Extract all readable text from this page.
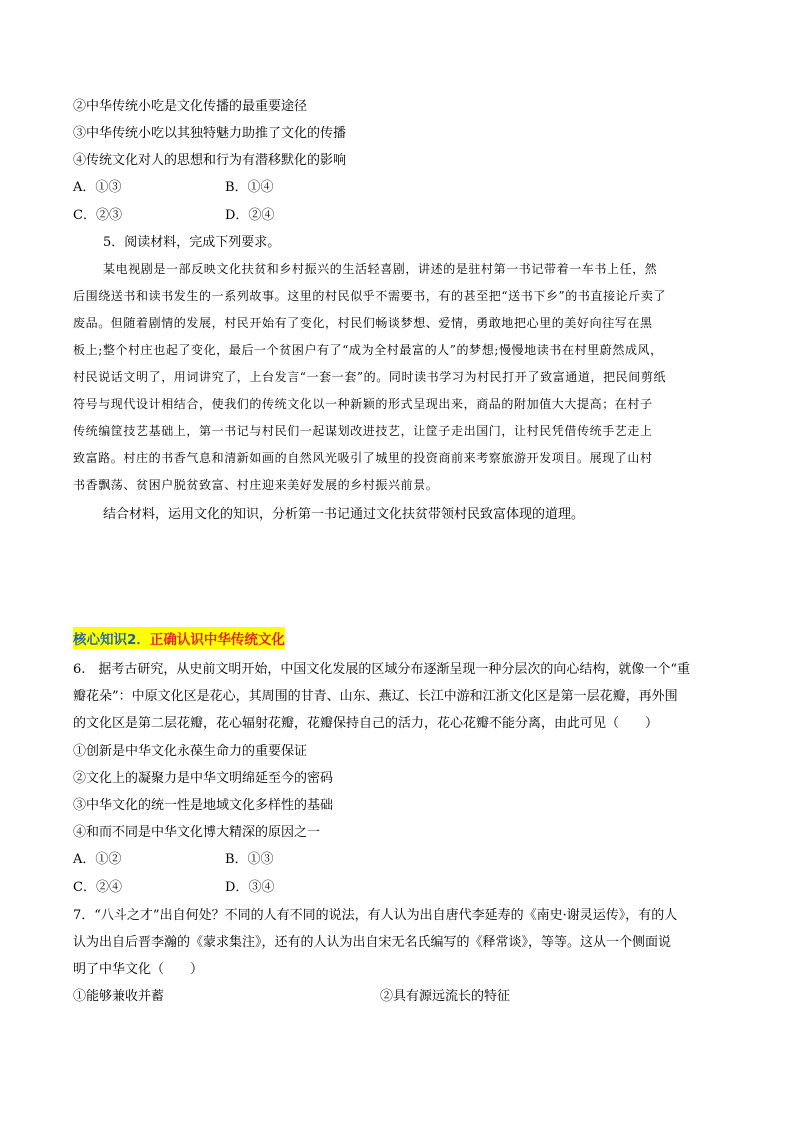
②中华传统小吃是文化传播的最重要途径
③中华传统小吃以其独特魅力助推了文化的传播
④传统文化对人的思想和行为有潜移默化的影响
A．①③	B．①④
C．②③	D．②④
5．阅读材料，完成下列要求。
某电视剧是一部反映文化扶贫和乡村振兴的生活轻喜剧，讲述的是驻村第一书记带着一车书上任，然
后围绕送书和读书发生的一系列故事。这里的村民似乎不需要书，有的甚至把“送书下乡”的书直接论斤卖了
废品。但随着剧情的发展，村民开始有了变化，村民们畅谈梦想、爱情，勇敢地把心里的美好向往写在黑
板上;整个村庄也起了变化，最后一个贫困户有了“成为全村最富的人”的梦想;慢慢地读书在村里蔚然成风，
村民说话文明了，用词讲究了，上台发言“一套一套”的。同时读书学习为村民打开了致富通道，把民间剪纸
符号与现代设计相结合，使我们的传统文化以一种新颖的形式呈现出来，商品的附加值大大提高；在村子
传统编筐技艺基础上，第一书记与村民们一起谋划改进技艺，让筐子走出国门，让村民凭借传统手艺走上
致富路。村庄的书香气息和清新如画的自然风光吸引了城里的投资商前来考察旅游开发项目。展现了山村
书香飘荡、贫困户脱贫致富、村庄迎来美好发展的乡村振兴前景。
结合材料，运用文化的知识，分析第一书记通过文化扶贫带领村民致富体现的道理。
核心知识2．正确认识中华传统文化
6.　据考古研究，从史前文明开始，中国文化发展的区域分布逐渐呈现一种分层次的向心结构，就像一个“重
瓣花朵”：中原文化区是花心，其周围的甘青、山东、燕辽、长江中游和江浙文化区是第一层花瓣，再外围
的文化区是第二层花瓣，花心辐射花瓣，花瓣保持自己的活力，花心花瓣不能分离，由此可见（　　）
①创新是中华文化永葆生命力的重要保证
②文化上的凝聚力是中华文明绵延至今的密码
③中华文化的统一性是地域文化多样性的基础
④和而不同是中华文化博大精深的原因之一
A．①②	B．①③
C．②④	D．③④
7．“八斗之才”出自何处？不同的人有不同的说法，有人认为出自唐代李延寿的《南史·谢灵运传》，有的人
认为出自后晋李瀚的《蒙求集注》，还有的人认为出自宋无名氏编写的《释常谈》，等等。这从一个侧面说
明了中华文化（　　）
①能够兼收并蓄	②具有源远流长的特征
